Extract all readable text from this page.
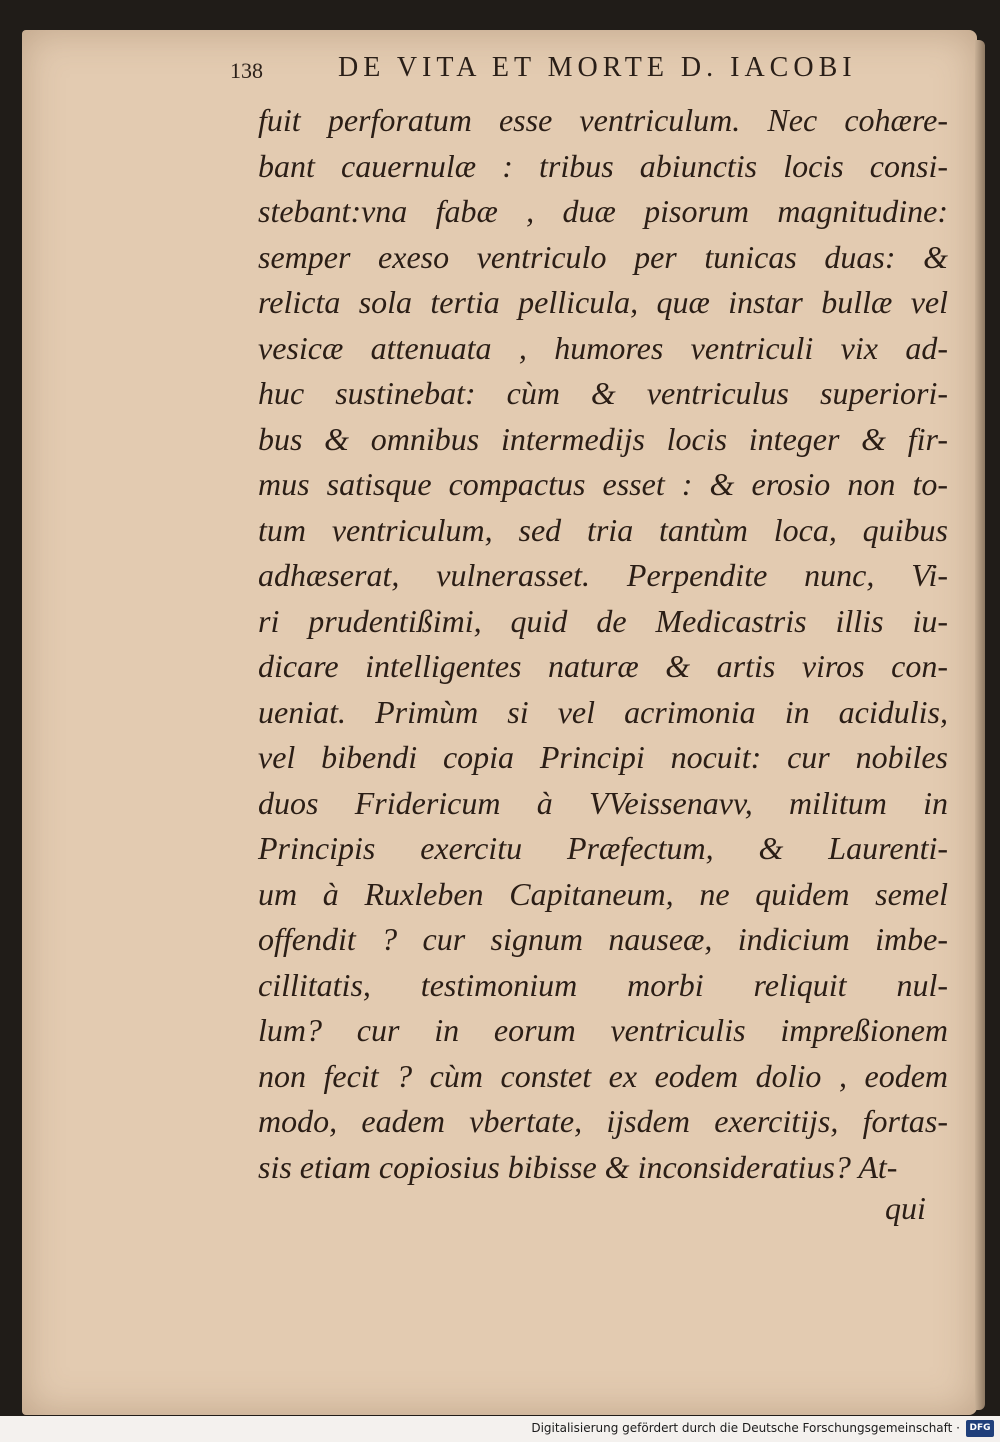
138	DE VITA ET MORTE D. IACOBI
fuit perforatum esse ventriculum. Nec cohære-
bant cauernulæ : tribus abiunctis locis consi-
stebant:vna fabæ , duæ pisorum magnitudine:
semper exeso ventriculo per tunicas duas: &
relicta sola tertia pellicula, quæ instar bullæ vel
vesicæ attenuata , humores ventriculi vix ad-
huc sustinebat: cùm & ventriculus superiori-
bus & omnibus intermedijs locis integer & fir-
mus satisque compactus esset : & erosio non to-
tum ventriculum, sed tria tantùm loca, quibus
adhæserat, vulnerasset. Perpendite nunc, Vi-
ri prudentißimi, quid de Medicastris illis iu-
dicare intelligentes naturæ & artis viros con-
ueniat. Primùm si vel acrimonia in acidulis,
vel bibendi copia Principi nocuit: cur nobiles
duos Fridericum à VVeissenavv, militum in
Principis exercitu Præfectum, & Laurenti-
um à Ruxleben Capitaneum, ne quidem semel
offendit ? cur signum nauseæ, indicium imbe-
cillitatis, testimonium morbi reliquit nul-
lum? cur in eorum ventriculis impreßionem
non fecit ? cùm constet ex eodem dolio , eodem
modo, eadem vbertate, ijsdem exercitijs, fortas-
sis etiam copiosius bibisse & inconsideratius? At-
qui
Digitalisierung gefördert durch die Deutsche Forschungsgemeinschaft ·	DFG
